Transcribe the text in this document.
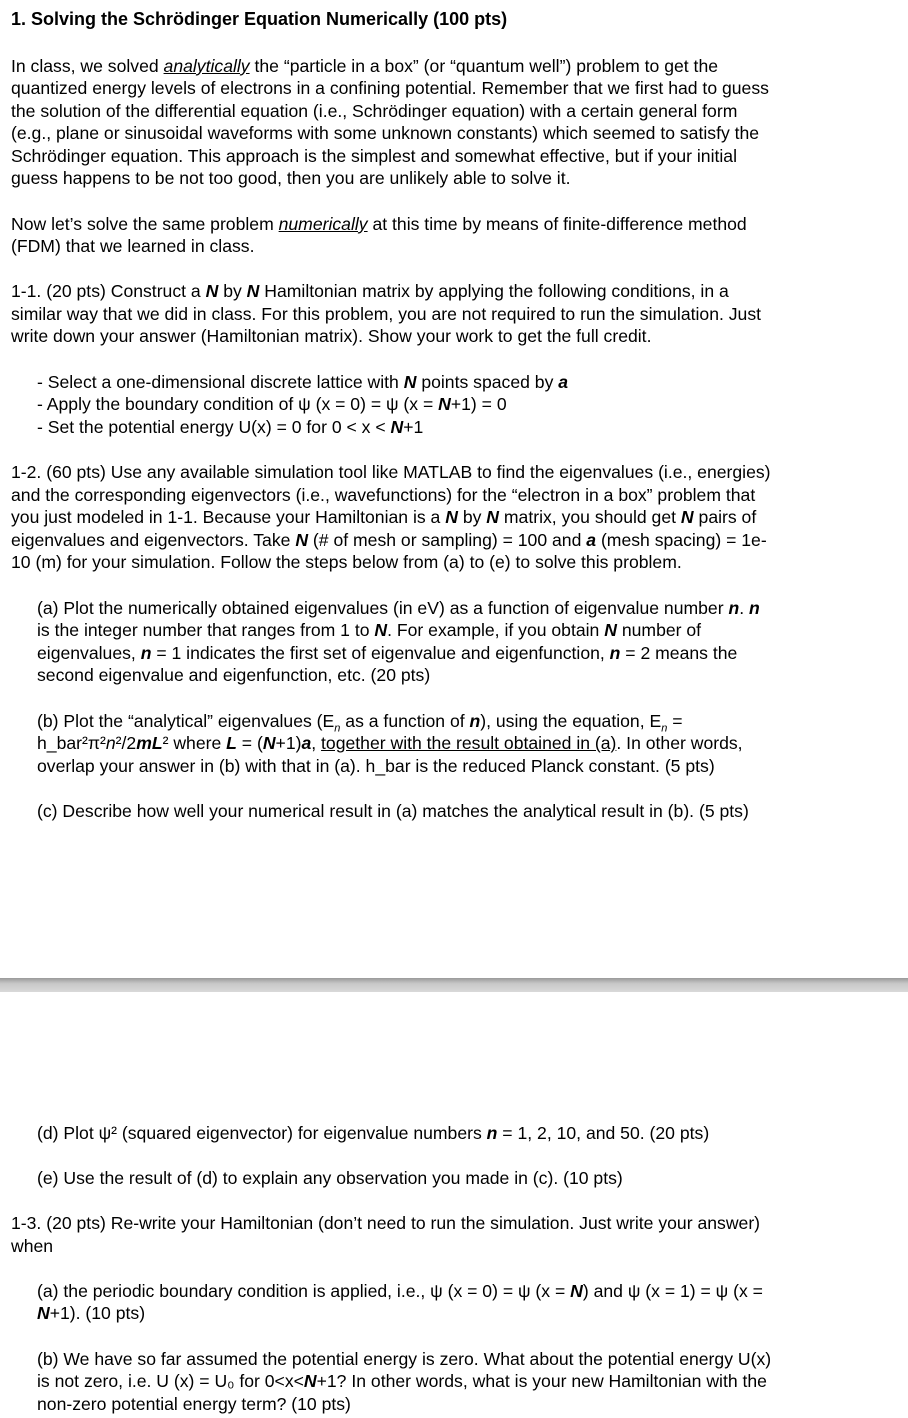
1. Solving the Schrödinger Equation Numerically (100 pts)

In class, we solved analytically the “particle in a box” (or “quantum well”) problem to get the

quantized energy levels of electrons in a confining potential. Remember that we first had to guess

the solution of the differential equation (i.e., Schrödinger equation) with a certain general form

(e.g., plane or sinusoidal waveforms with some unknown constants) which seemed to satisfy the

Schrödinger equation. This approach is the simplest and somewhat effective, but if your initial

guess happens to be not too good, then you are unlikely able to solve it.

Now let’s solve the same problem numerically at this time by means of finite-difference method

(FDM) that we learned in class.

1-1. (20 pts) Construct a N by N Hamiltonian matrix by applying the following conditions, in a

similar way that we did in class. For this problem, you are not required to run the simulation. Just

write down your answer (Hamiltonian matrix). Show your work to get the full credit.

- Select a one-dimensional discrete lattice with N points spaced by a

- Apply the boundary condition of ψ (x = 0) = ψ (x = N+1) = 0

- Set the potential energy U(x) = 0 for 0 < x < N+1

1-2. (60 pts) Use any available simulation tool like MATLAB to find the eigenvalues (i.e., energies)

and the corresponding eigenvectors (i.e., wavefunctions) for the “electron in a box” problem that

you just modeled in 1-1. Because your Hamiltonian is a N by N matrix, you should get N pairs of

eigenvalues and eigenvectors. Take N (# of mesh or sampling) = 100 and a (mesh spacing) = 1e-

10 (m) for your simulation. Follow the steps below from (a) to (e) to solve this problem.

(a) Plot the numerically obtained eigenvalues (in eV) as a function of eigenvalue number n. n

is the integer number that ranges from 1 to N. For example, if you obtain N number of

eigenvalues, n = 1 indicates the first set of eigenvalue and eigenfunction, n = 2 means the

second eigenvalue and eigenfunction, etc. (20 pts)

(b) Plot the “analytical” eigenvalues ($E_n$ as a function of n), using the equation, $E_n$ =

h_bar²π²n²/2mL² where L = (N+1)a, together with the result obtained in (a). In other words,

overlap your answer in (b) with that in (a). h_bar is the reduced Planck constant. (5 pts)

(c) Describe how well your numerical result in (a) matches the analytical result in (b). (5 pts)

(d) Plot ψ² (squared eigenvector) for eigenvalue numbers n = 1, 2, 10, and 50. (20 pts)

(e) Use the result of (d) to explain any observation you made in (c). (10 pts)

1-3. (20 pts) Re-write your Hamiltonian (don’t need to run the simulation. Just write your answer)

when

(a) the periodic boundary condition is applied, i.e., ψ (x = 0) = ψ (x = N) and ψ (x = 1) = ψ (x =

N+1). (10 pts)

(b) We have so far assumed the potential energy is zero. What about the potential energy U(x)

is not zero, i.e. U (x) = U₀ for 0<x<N+1? In other words, what is your new Hamiltonian with the

non-zero potential energy term? (10 pts)
